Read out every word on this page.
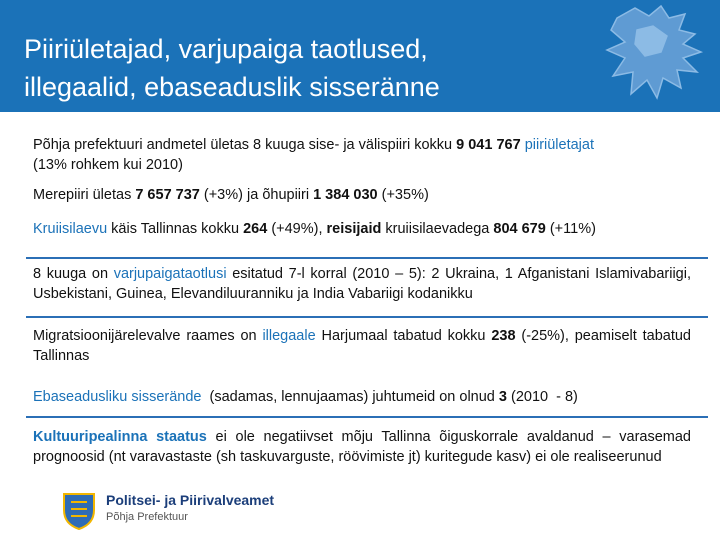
Piiriületajad, varjupaiga taotlused,
illegaalid, ebaseaduslik sisseränne
Põhja prefektuuri andmetel ületas 8 kuuga sise- ja välispiiri kokku 9 041 767 piiriületajat
(13% rohkem kui 2010)
Merepiiri ületas 7 657 737 (+3%) ja õhupiiri 1 384 030 (+35%)
Kruiisilaevu käis Tallinnas kokku 264 (+49%), reisijaid kruiisilaevadega 804 679 (+11%)
8 kuuga on varjupaigataotlusi esitatud 7-l korral (2010 – 5): 2 Ukraina, 1 Afganistani Islamivabariigi, Usbekistani, Guinea, Elevandiluuranniku ja India Vabariigi kodanikku
Migratsioonijärelevalve raames on illegaale Harjumaal tabatud kokku 238 (-25%), peamiselt tabatud Tallinnas
Ebaseadusliku sisserände  (sadamas, lennujaamas) juhtumeid on olnud 3 (2010  - 8)
Kultuuripealinna staatus ei ole negatiivset mõju Tallinna õiguskorrale avaldanud – varasemad prognoosid (nt varavastaste (sh taskuvarguste, röövimiste jt) kuritegude kasv) ei ole realiseerunud
Politsei- ja Piirivalveamet
Põhja Prefektuur
